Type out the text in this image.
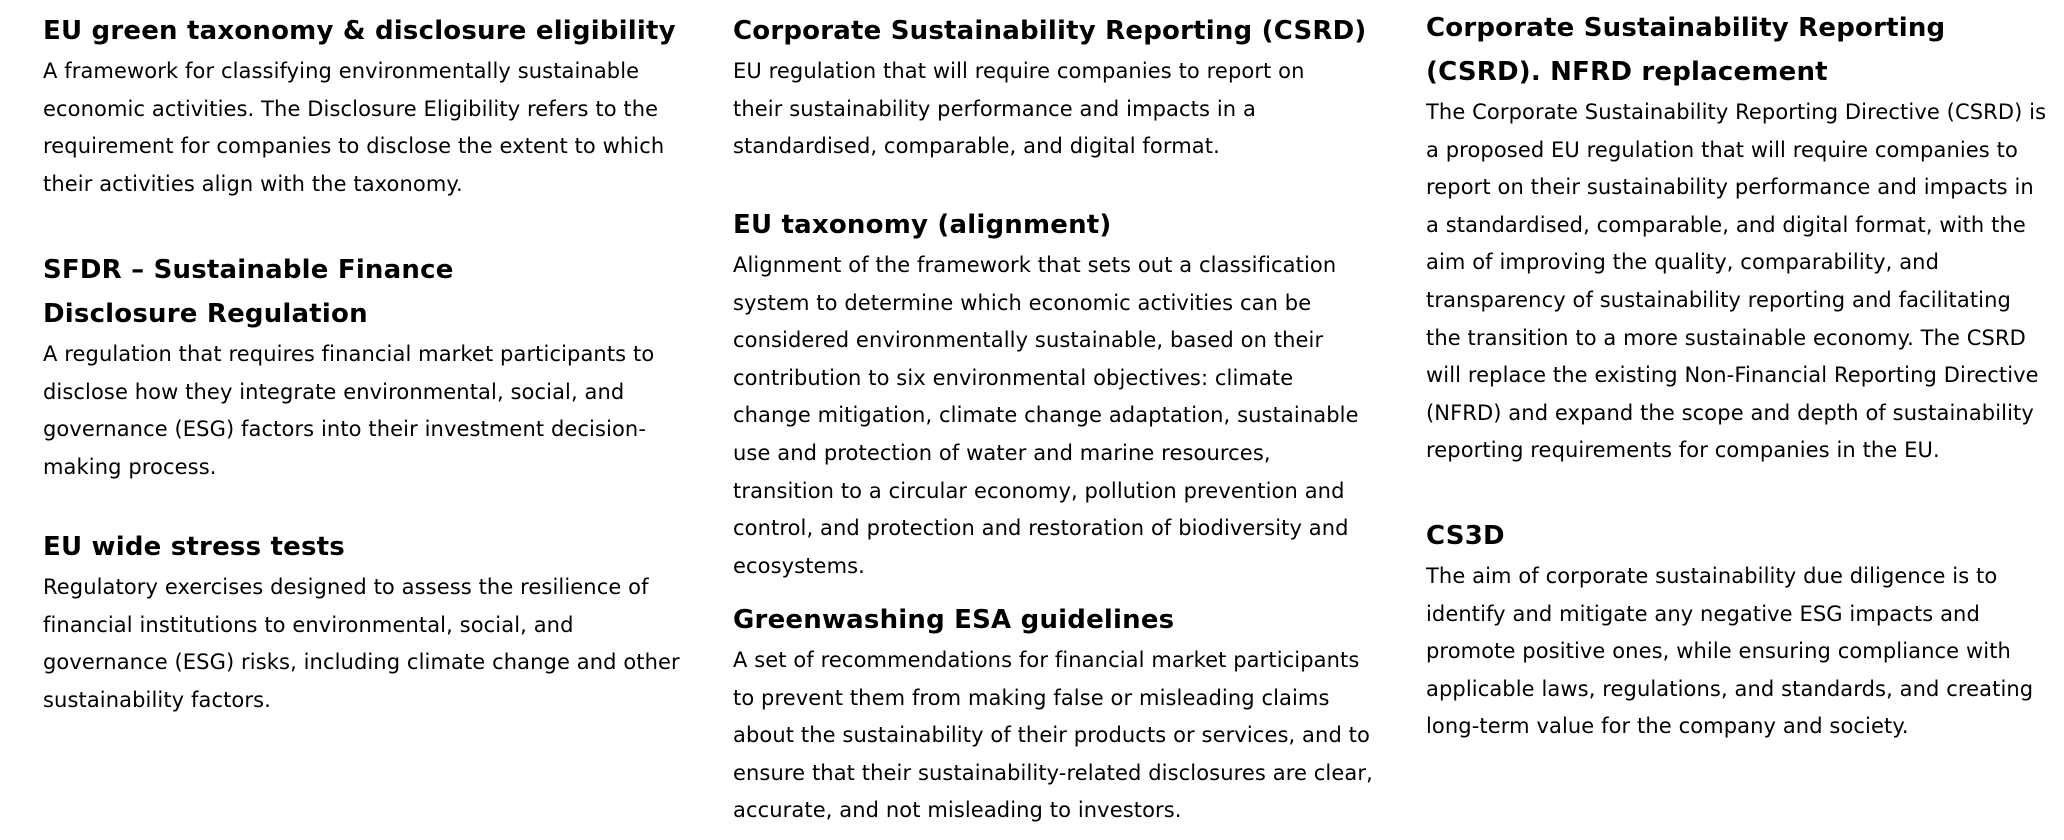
EU green taxonomy & disclosure eligibility

A framework for classifying environmentally sustainable economic activities. The Disclosure Eligibility refers to the requirement for companies to disclose the extent to which their activities align with the taxonomy.

SFDR – Sustainable Finance Disclosure Regulation

A regulation that requires financial market participants to disclose how they integrate environmental, social, and governance (ESG) factors into their investment decision-making process.

EU wide stress tests

Regulatory exercises designed to assess the resilience of financial institutions to environmental, social, and governance (ESG) risks, including climate change and other sustainability factors.

Corporate Sustainability Reporting (CSRD)

EU regulation that will require companies to report on their sustainability performance and impacts in a standardised, comparable, and digital format.

EU taxonomy (alignment)

Alignment of the framework that sets out a classification system to determine which economic activities can be considered environmentally sustainable, based on their contribution to six environmental objectives: climate change mitigation, climate change adaptation, sustainable use and protection of water and marine resources, transition to a circular economy, pollution prevention and control, and protection and restoration of biodiversity and ecosystems.

Greenwashing ESA guidelines

A set of recommendations for financial market participants to prevent them from making false or misleading claims about the sustainability of their products or services, and to ensure that their sustainability-related disclosures are clear, accurate, and not misleading to investors.

Corporate Sustainability Reporting (CSRD). NFRD replacement

The Corporate Sustainability Reporting Directive (CSRD) is a proposed EU regulation that will require companies to report on their sustainability performance and impacts in a standardised, comparable, and digital format, with the aim of improving the quality, comparability, and transparency of sustainability reporting and facilitating the transition to a more sustainable economy. The CSRD will replace the existing Non-Financial Reporting Directive (NFRD) and expand the scope and depth of sustainability reporting requirements for companies in the EU.

CS3D

The aim of corporate sustainability due diligence is to identify and mitigate any negative ESG impacts and promote positive ones, while ensuring compliance with applicable laws, regulations, and standards, and creating long-term value for the company and society.
